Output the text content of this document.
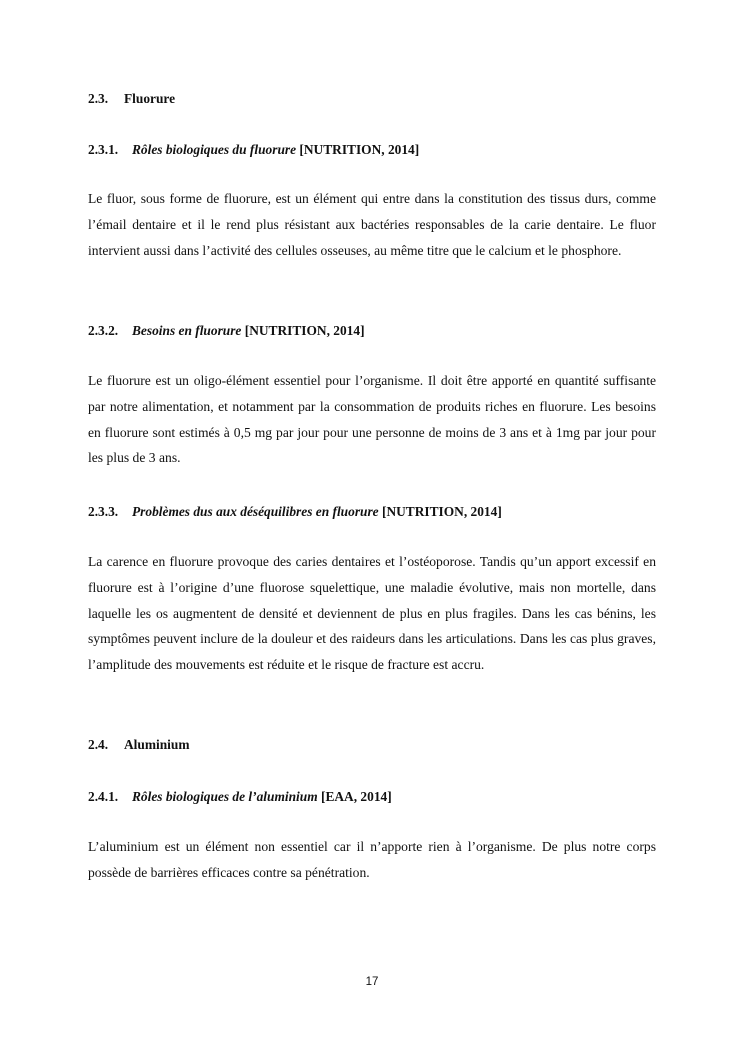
2.3. Fluorure
2.3.1. Rôles biologiques du fluorure [NUTRITION, 2014]

Le fluor, sous forme de fluorure, est un élément qui entre dans la constitution des tissus durs, comme l’émail dentaire et il le rend plus résistant aux bactéries responsables de la carie dentaire. Le fluor intervient aussi dans l’activité des cellules osseuses, au même titre que le calcium et le phosphore.

2.3.2. Besoins en fluorure [NUTRITION, 2014]

Le fluorure est un oligo-élément essentiel pour l’organisme. Il doit être apporté en quantité suffisante par notre alimentation, et notamment par la consommation de produits riches en fluorure. Les besoins en fluorure sont estimés à 0,5 mg par jour pour une personne de moins de 3 ans et à 1mg par jour pour les plus de 3 ans.

2.3.3. Problèmes dus aux déséquilibres en fluorure [NUTRITION, 2014]

La carence en fluorure provoque des caries dentaires et l’ostéoporose. Tandis qu’un apport excessif en fluorure est à l’origine d’une fluorose squelettique, une maladie évolutive, mais non mortelle, dans laquelle les os augmentent de densité et deviennent de plus en plus fragiles. Dans les cas bénins, les symptômes peuvent inclure de la douleur et des raideurs dans les articulations. Dans les cas plus graves, l’amplitude des mouvements est réduite et le risque de fracture est accru.

2.4. Aluminium
2.4.1. Rôles biologiques de l’aluminium [EAA, 2014]

L’aluminium est un élément non essentiel car il n’apporte rien à l’organisme. De plus notre corps possède de barrières efficaces contre sa pénétration.

17
